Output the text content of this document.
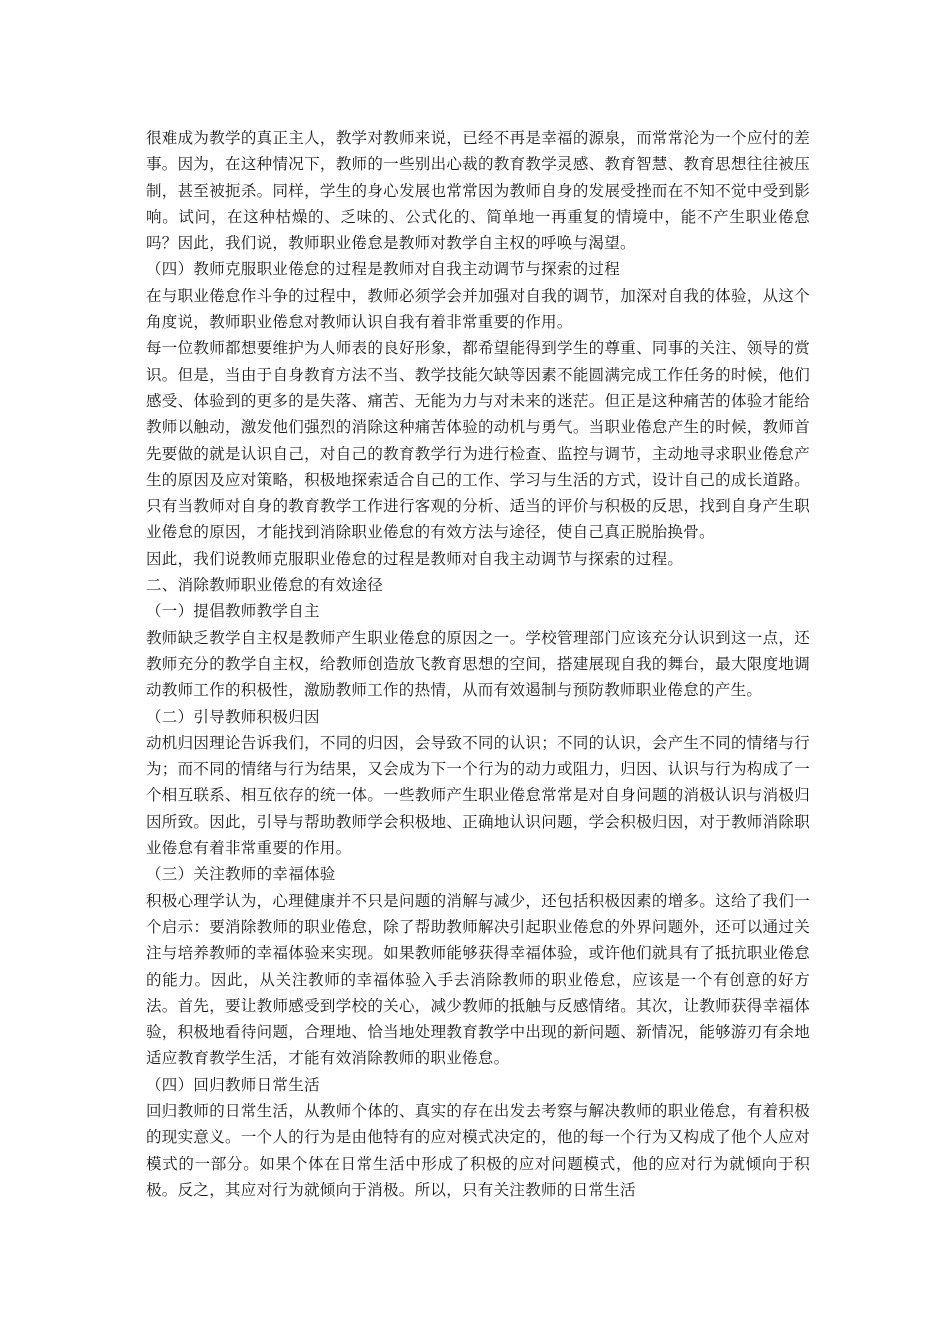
很难成为教学的真正主人，教学对教师来说，已经不再是幸福的源泉，而常常沦为一个应付的差事。因为，在这种情况下，教师的一些别出心裁的教育教学灵感、教育智慧、教育思想往往被压制，甚至被扼杀。同样，学生的身心发展也常常因为教师自身的发展受挫而在不知不觉中受到影响。试问，在这种枯燥的、乏味的、公式化的、简单地一再重复的情境中，能不产生职业倦怠吗？因此，我们说，教师职业倦怠是教师对教学自主权的呼唤与渴望。

（四）教师克服职业倦怠的过程是教师对自我主动调节与探索的过程

在与职业倦怠作斗争的过程中，教师必须学会并加强对自我的调节，加深对自我的体验，从这个角度说，教师职业倦怠对教师认识自我有着非常重要的作用。

每一位教师都想要维护为人师表的良好形象，都希望能得到学生的尊重、同事的关注、领导的赏识。但是，当由于自身教育方法不当、教学技能欠缺等因素不能圆满完成工作任务的时候，他们感受、体验到的更多的是失落、痛苦、无能为力与对未来的迷茫。但正是这种痛苦的体验才能给教师以触动，激发他们强烈的消除这种痛苦体验的动机与勇气。当职业倦怠产生的时候，教师首先要做的就是认识自己，对自己的教育教学行为进行检查、监控与调节，主动地寻求职业倦怠产生的原因及应对策略，积极地探索适合自己的工作、学习与生活的方式，设计自己的成长道路。只有当教师对自身的教育教学工作进行客观的分析、适当的评价与积极的反思，找到自身产生职业倦怠的原因，才能找到消除职业倦怠的有效方法与途径，使自己真正脱胎换骨。

因此，我们说教师克服职业倦怠的过程是教师对自我主动调节与探索的过程。

二、消除教师职业倦怠的有效途径

（一）提倡教师教学自主

教师缺乏教学自主权是教师产生职业倦怠的原因之一。学校管理部门应该充分认识到这一点，还教师充分的教学自主权，给教师创造放飞教育思想的空间，搭建展现自我的舞台，最大限度地调动教师工作的积极性，激励教师工作的热情，从而有效遏制与预防教师职业倦怠的产生。

（二）引导教师积极归因

动机归因理论告诉我们，不同的归因，会导致不同的认识；不同的认识，会产生不同的情绪与行为；而不同的情绪与行为结果，又会成为下一个行为的动力或阻力，归因、认识与行为构成了一个相互联系、相互依存的统一体。一些教师产生职业倦怠常常是对自身问题的消极认识与消极归因所致。因此，引导与帮助教师学会积极地、正确地认识问题，学会积极归因，对于教师消除职业倦怠有着非常重要的作用。

（三）关注教师的幸福体验

积极心理学认为，心理健康并不只是问题的消解与减少，还包括积极因素的增多。这给了我们一个启示：要消除教师的职业倦怠，除了帮助教师解决引起职业倦怠的外界问题外，还可以通过关注与培养教师的幸福体验来实现。如果教师能够获得幸福体验，或许他们就具有了抵抗职业倦怠的能力。因此，从关注教师的幸福体验入手去消除教师的职业倦怠，应该是一个有创意的好方法。首先，要让教师感受到学校的关心，减少教师的抵触与反感情绪。其次，让教师获得幸福体验，积极地看待问题，合理地、恰当地处理教育教学中出现的新问题、新情况，能够游刃有余地适应教育教学生活，才能有效消除教师的职业倦怠。

（四）回归教师日常生活

回归教师的日常生活，从教师个体的、真实的存在出发去考察与解决教师的职业倦怠，有着积极的现实意义。一个人的行为是由他特有的应对模式决定的，他的每一个行为又构成了他个人应对模式的一部分。如果个体在日常生活中形成了积极的应对问题模式，他的应对行为就倾向于积极。反之，其应对行为就倾向于消极。所以，只有关注教师的日常生活
